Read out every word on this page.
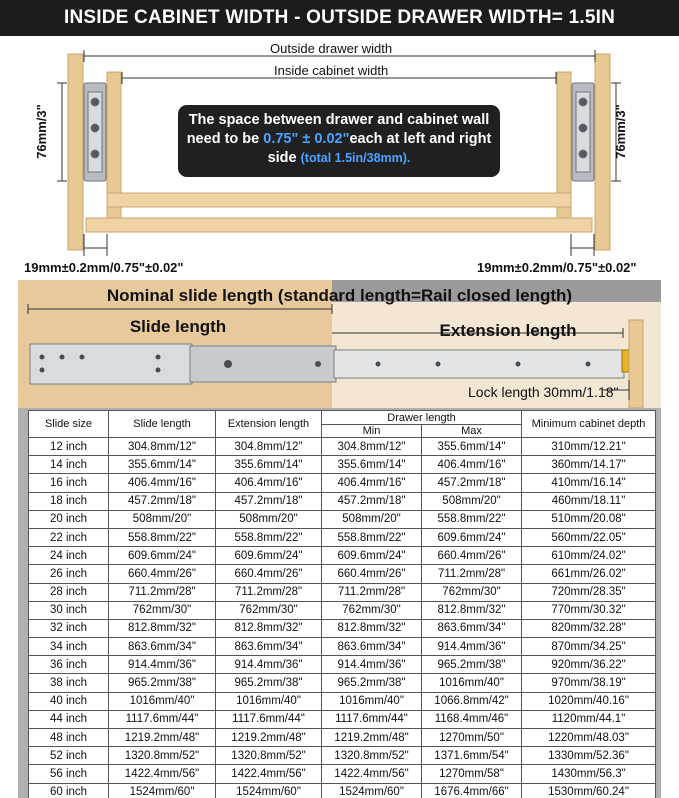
INSIDE CABINET WIDTH - OUTSIDE DRAWER WIDTH= 1.5IN
Outside drawer width
Inside cabinet width
76mm/3"	76mm/3"
19mm±0.2mm/0.75"±0.02"	19mm±0.2mm/0.75"±0.02"
The space between drawer and cabinet wall
need to be 0.75" ± 0.02"each at left and right
side (total 1.5in/38mm).
Nominal slide length (standard length=Rail closed length)
Slide length	Extension length
Lock length 30mm/1.18"
Slide size	Slide length	Extension length	Drawer length		Minimum cabinet depth
			Min	Max	
12 inch	304.8mm/12"	304.8mm/12"	304.8mm/12"	355.6mm/14"	310mm/12.21"
14 inch	355.6mm/14"	355.6mm/14"	355.6mm/14"	406.4mm/16"	360mm/14.17"
16 inch	406.4mm/16"	406.4mm/16"	406.4mm/16"	457.2mm/18"	410mm/16.14"
18 inch	457.2mm/18"	457.2mm/18"	457.2mm/18"	508mm/20"	460mm/18.11"
20 inch	508mm/20"	508mm/20"	508mm/20"	558.8mm/22"	510mm/20.08"
22 inch	558.8mm/22"	558.8mm/22"	558.8mm/22"	609.6mm/24"	560mm/22.05"
24 inch	609.6mm/24"	609.6mm/24"	609.6mm/24"	660.4mm/26"	610mm/24.02"
26 inch	660.4mm/26"	660.4mm/26"	660.4mm/26"	711.2mm/28"	661mm/26.02"
28 inch	711.2mm/28"	711.2mm/28"	711.2mm/28"	762mm/30"	720mm/28.35"
30 inch	762mm/30"	762mm/30"	762mm/30"	812.8mm/32"	770mm/30.32"
32 inch	812.8mm/32"	812.8mm/32"	812.8mm/32"	863.6mm/34"	820mm/32.28"
34 inch	863.6mm/34"	863.6mm/34"	863.6mm/34"	914.4mm/36"	870mm/34.25"
36 inch	914.4mm/36"	914.4mm/36"	914.4mm/36"	965.2mm/38"	920mm/36.22"
38 inch	965.2mm/38"	965.2mm/38"	965.2mm/38"	1016mm/40"	970mm/38.19"
40 inch	1016mm/40"	1016mm/40"	1016mm/40"	1066.8mm/42"	1020mm/40.16"
44 inch	1117.6mm/44"	1117.6mm/44"	1117.6mm/44"	1168.4mm/46"	1120mm/44.1"
48 inch	1219.2mm/48"	1219.2mm/48"	1219.2mm/48"	1270mm/50"	1220mm/48.03"
52 inch	1320.8mm/52"	1320.8mm/52"	1320.8mm/52"	1371.6mm/54"	1330mm/52.36"
56 inch	1422.4mm/56"	1422.4mm/56"	1422.4mm/56"	1270mm/58"	1430mm/56.3"
60 inch	1524mm/60"	1524mm/60"	1524mm/60"	1676.4mm/66"	1530mm/60.24"
